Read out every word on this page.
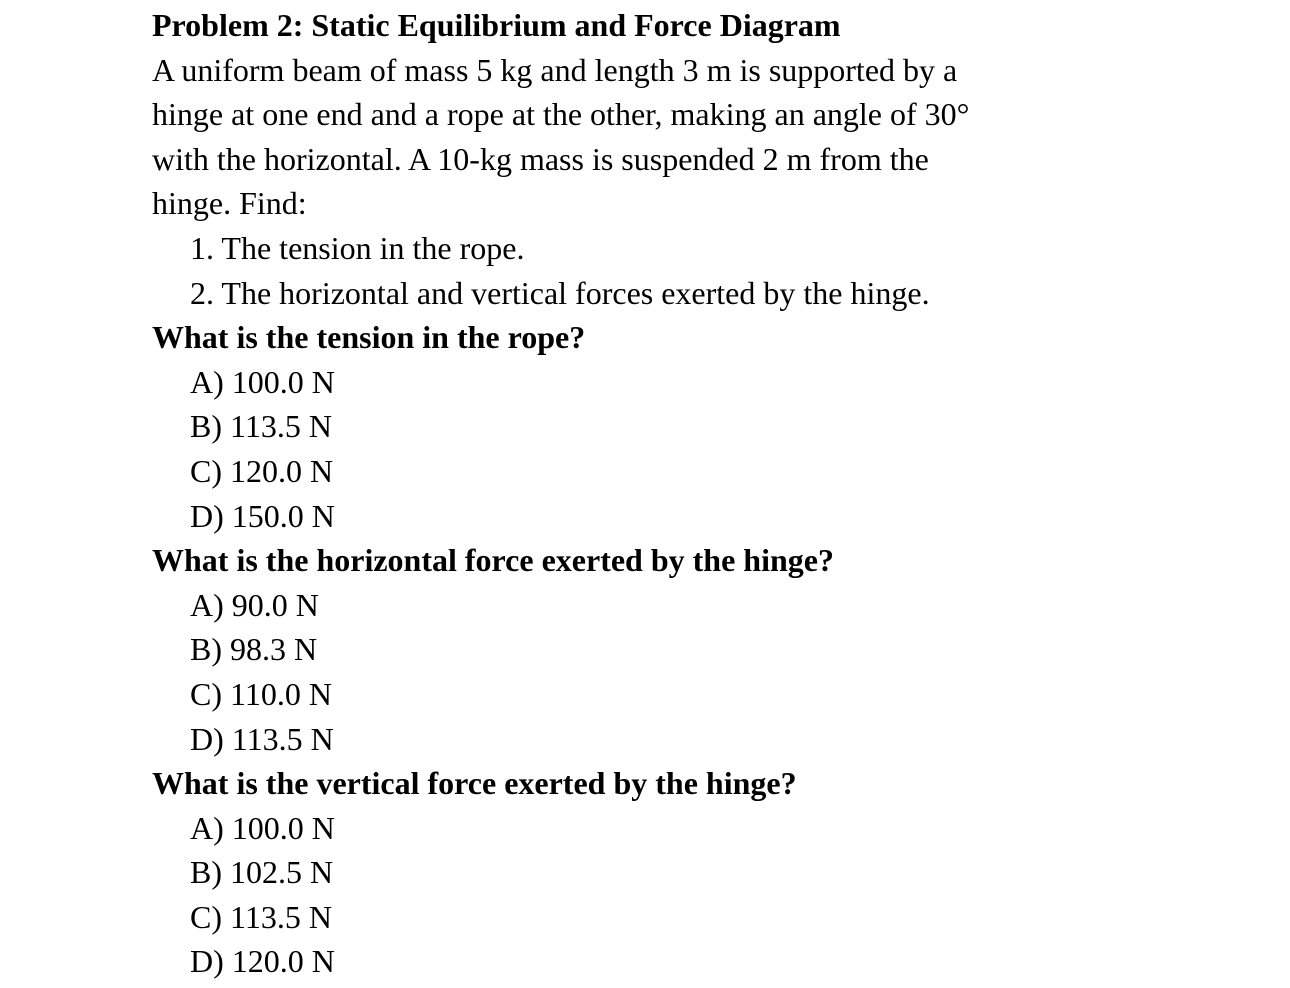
Problem 2: Static Equilibrium and Force Diagram
A uniform beam of mass 5 kg and length 3 m is supported by a
hinge at one end and a rope at the other, making an angle of 30°
with the horizontal. A 10-kg mass is suspended 2 m from the
hinge. Find:
1. The tension in the rope.
2. The horizontal and vertical forces exerted by the hinge.
What is the tension in the rope?
A) 100.0 N
B) 113.5 N
C) 120.0 N
D) 150.0 N
What is the horizontal force exerted by the hinge?
A) 90.0 N
B) 98.3 N
C) 110.0 N
D) 113.5 N
What is the vertical force exerted by the hinge?
A) 100.0 N
B) 102.5 N
C) 113.5 N
D) 120.0 N
